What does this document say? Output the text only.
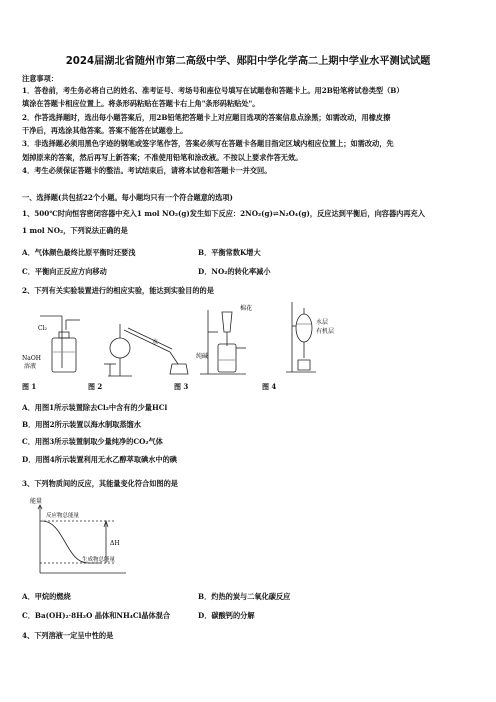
2024届湖北省随州市第二高级中学、郧阳中学化学高二上期中学业水平测试试题
注意事项：
1．答卷前，考生务必将自己的姓名、准考证号、考场号和座位号填写在试题卷和答题卡上。用2B铅笔将试卷类型（B）
填涂在答题卡相应位置上。将条形码粘贴在答题卡右上角"条形码粘贴处"。
2．作答选择题时，选出每小题答案后，用2B铅笔把答题卡上对应题目选项的答案信息点涂黑；如需改动，用橡皮擦
干净后，再选涂其他答案。答案不能答在试题卷上。
3．非选择题必须用黑色字迹的钢笔或签字笔作答，答案必须写在答题卡各题目指定区域内相应位置上；如需改动，先
划掉原来的答案，然后再写上新答案；不准使用铅笔和涂改液。不按以上要求作答无效。
4．考生必须保证答题卡的整洁。考试结束后，请将本试卷和答题卡一并交回。
一、选择题(共包括22个小题。每小题均只有一个符合题意的选项)
1、500℃时向恒容密闭容器中充入1 mol NO₂(g)发生如下反应：2NO₂(g)⇌N₂O₄(g)，反应达到平衡后，向容器内再充入
1 mol NO₂，下列说法正确的是
A．气体颜色最终比原平衡时还要浅	B．平衡常数K增大
C．平衡向正反应方向移动	D．NO₂的转化率减小
2、下列有关实验装置进行的相应实验，能达到实验目的的是
Cl₂
NaOH
溶液
水
棉花
纯碱
水层
有机层
图 1	图 2	图 3	图 4
A．用图1所示装置除去Cl₂中含有的少量HCl
B．用图2所示装置以海水制取蒸馏水
C．用图3所示装置制取少量纯净的CO₂气体
D．用图4所示装置利用无水乙醇萃取碘水中的碘
3、下列物质间的反应，其能量变化符合如图的是
能量
反应物总能量
生成物总能量
ΔH
A．甲烷的燃烧	B．灼热的炭与二氧化碳反应
C．Ba(OH)₂·8H₂O 晶体和NH₄Cl晶体混合	D．碳酸钙的分解
4、下列溶液一定呈中性的是
